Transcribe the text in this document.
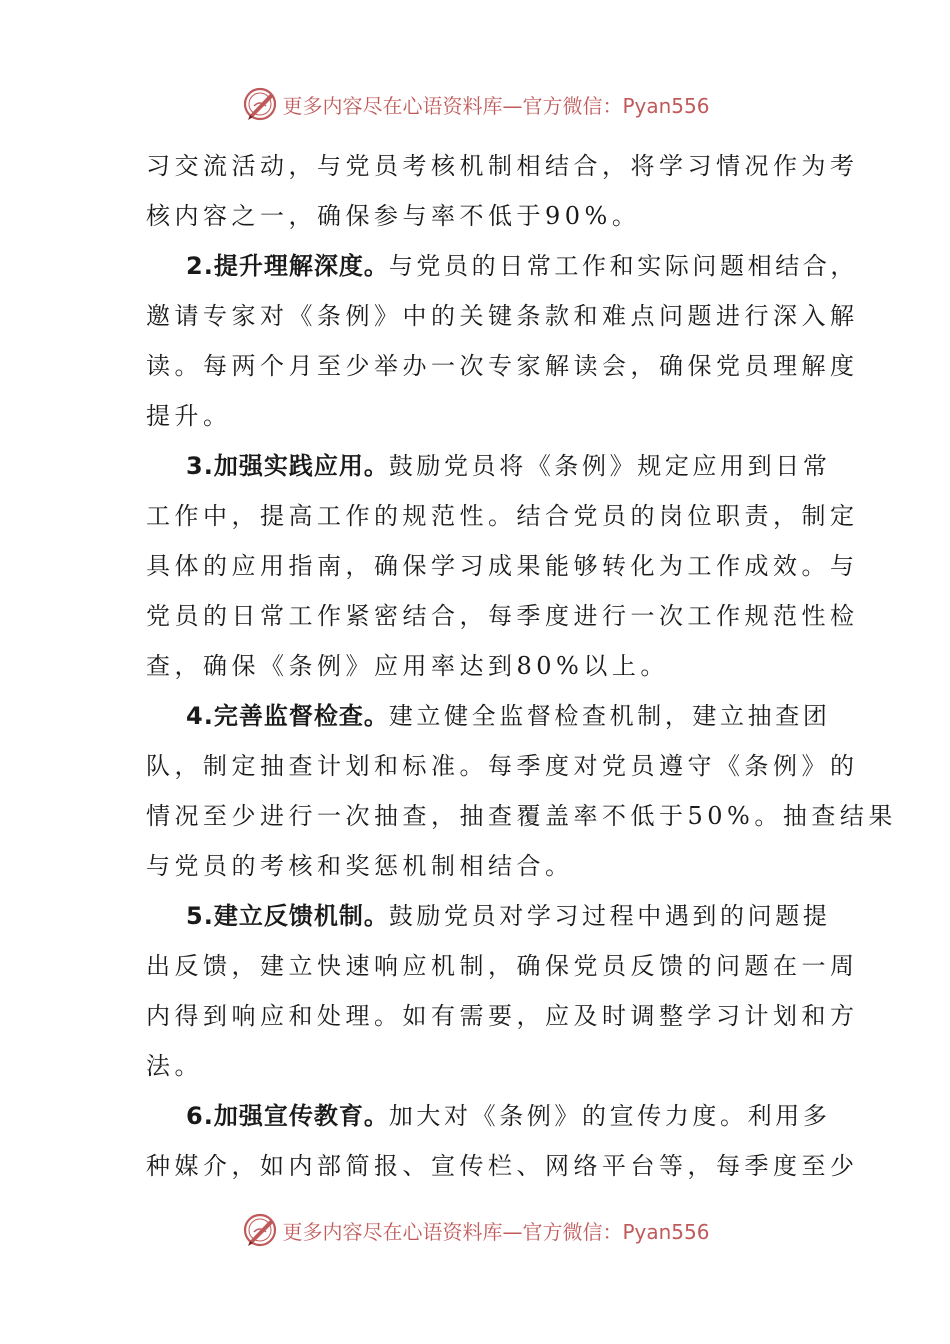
更多内容尽在心语资料库—官方微信：Pyan556
习交流活动，与党员考核机制相结合，将学习情况作为考
核内容之一，确保参与率不低于90%。
2.提升理解深度。与党员的日常工作和实际问题相结合，
邀请专家对《条例》中的关键条款和难点问题进行深入解
读。每两个月至少举办一次专家解读会，确保党员理解度
提升。
3.加强实践应用。鼓励党员将《条例》规定应用到日常
工作中，提高工作的规范性。结合党员的岗位职责，制定
具体的应用指南，确保学习成果能够转化为工作成效。与
党员的日常工作紧密结合，每季度进行一次工作规范性检
查，确保《条例》应用率达到80%以上。
4.完善监督检查。建立健全监督检查机制，建立抽查团
队，制定抽查计划和标准。每季度对党员遵守《条例》的
情况至少进行一次抽查，抽查覆盖率不低于50%。抽查结果
与党员的考核和奖惩机制相结合。
5.建立反馈机制。鼓励党员对学习过程中遇到的问题提
出反馈，建立快速响应机制，确保党员反馈的问题在一周
内得到响应和处理。如有需要，应及时调整学习计划和方
法。
6.加强宣传教育。加大对《条例》的宣传力度。利用多
种媒介，如内部简报、宣传栏、网络平台等，每季度至少
更多内容尽在心语资料库—官方微信：Pyan556
